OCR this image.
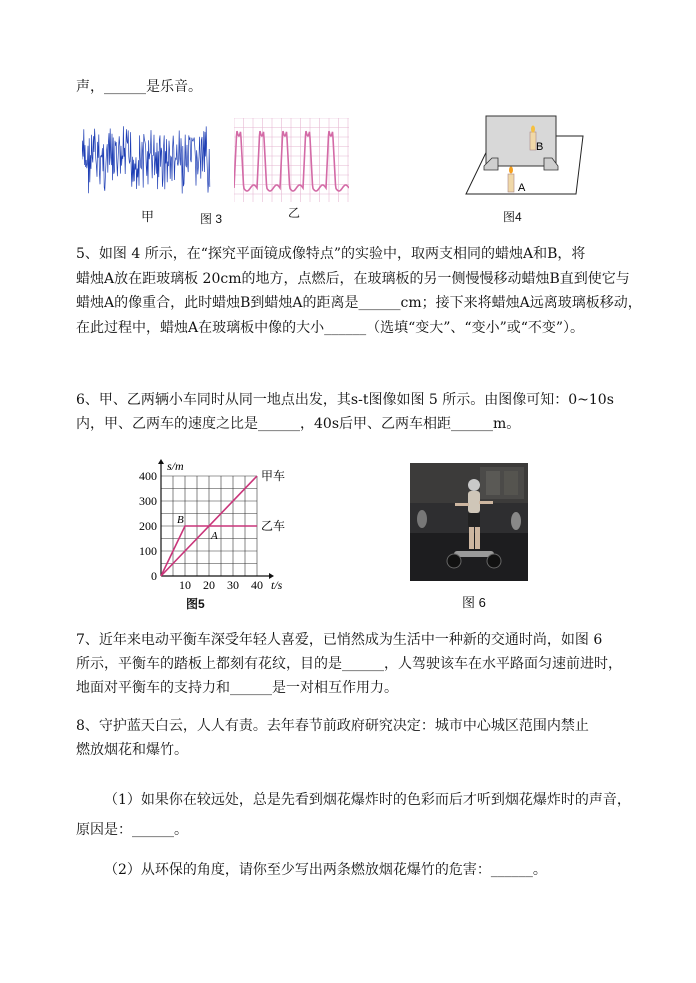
声，______是乐音。
甲	图 3	乙
B
A
图4
5、如图 4 所示，在“探究平面镜成像特点”的实验中，取两支相同的蜡烛A和B，将
蜡烛A放在距玻璃板 20cm的地方，点燃后，在玻璃板的另一侧慢慢移动蜡烛B直到使它与
蜡烛A的像重合，此时蜡烛B到蜡烛A的距离是______cm；接下来将蜡烛A远离玻璃板移动，
在此过程中，蜡烛A在玻璃板中像的大小______（选填“变大”、“变小”或“不变”）。
6、甲、乙两辆小车同时从同一地点出发，其s-t图像如图 5 所示。由图像可知：0~10s
内，甲、乙两车的速度之比是______，40s后甲、乙两车相距______m。
0
100
200
300
400
10 20 30 40
s/m
t/s
甲车
乙车
B
A
图5	图 6
7、近年来电动平衡车深受年轻人喜爱，已悄然成为生活中一种新的交通时尚，如图 6
所示，平衡车的踏板上都刻有花纹，目的是______，人驾驶该车在水平路面匀速前进时，
地面对平衡车的支持力和______是一对相互作用力。
8、守护蓝天白云，人人有责。去年春节前政府研究决定：城市中心城区范围内禁止
燃放烟花和爆竹。
（1）如果你在较远处，总是先看到烟花爆炸时的色彩而后才听到烟花爆炸时的声音，
原因是：______。
（2）从环保的角度，请你至少写出两条燃放烟花爆竹的危害：______。
